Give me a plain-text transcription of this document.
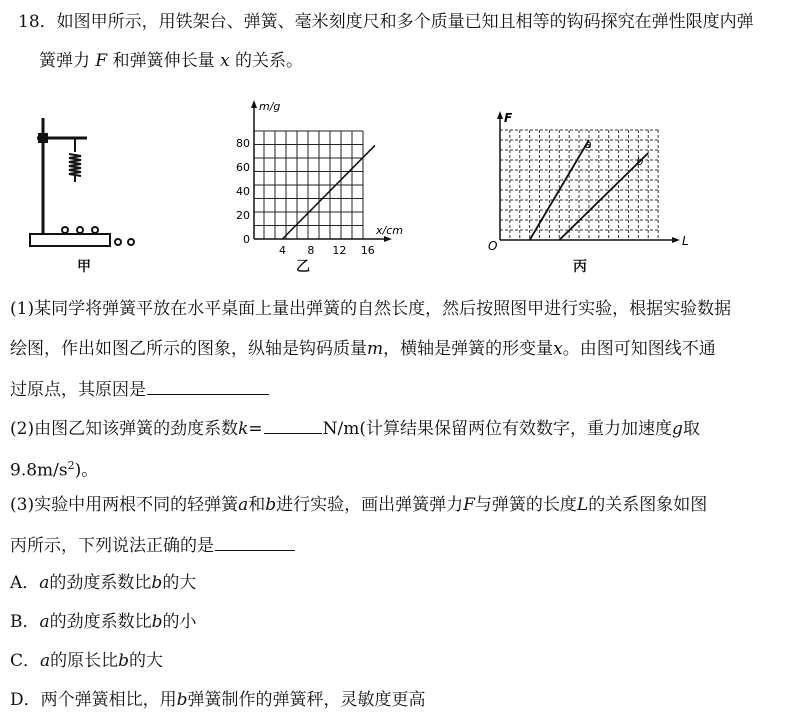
18．如图甲所示，用铁架台、弹簧、毫米刻度尺和多个质量已知且相等的钩码探究在弹性限度内弹
簧弹力 F 和弹簧伸长量 x 的关系。
甲
0
20
40
60
80
4 8 12 16
m/g
x/cm
乙
F
L
O
a
b
丙
(1)某同学将弹簧平放在水平桌面上量出弹簧的自然长度，然后按照图甲进行实验，根据实验数据
绘图，作出如图乙所示的图象，纵轴是钩码质量m，横轴是弹簧的形变量x。由图可知图线不通
过原点，其原因是
(2)由图乙知该弹簧的劲度系数k=	N/m(计算结果保留两位有效数字，重力加速度g取
$9.8m/s^2$)。
(3)实验中用两根不同的轻弹簧a和b进行实验，画出弹簧弹力F与弹簧的长度L的关系图象如图
丙所示，下列说法正确的是
A．a的劲度系数比b的大
B．a的劲度系数比b的小
C．a的原长比b的大
D．两个弹簧相比，用b弹簧制作的弹簧秤，灵敏度更高
